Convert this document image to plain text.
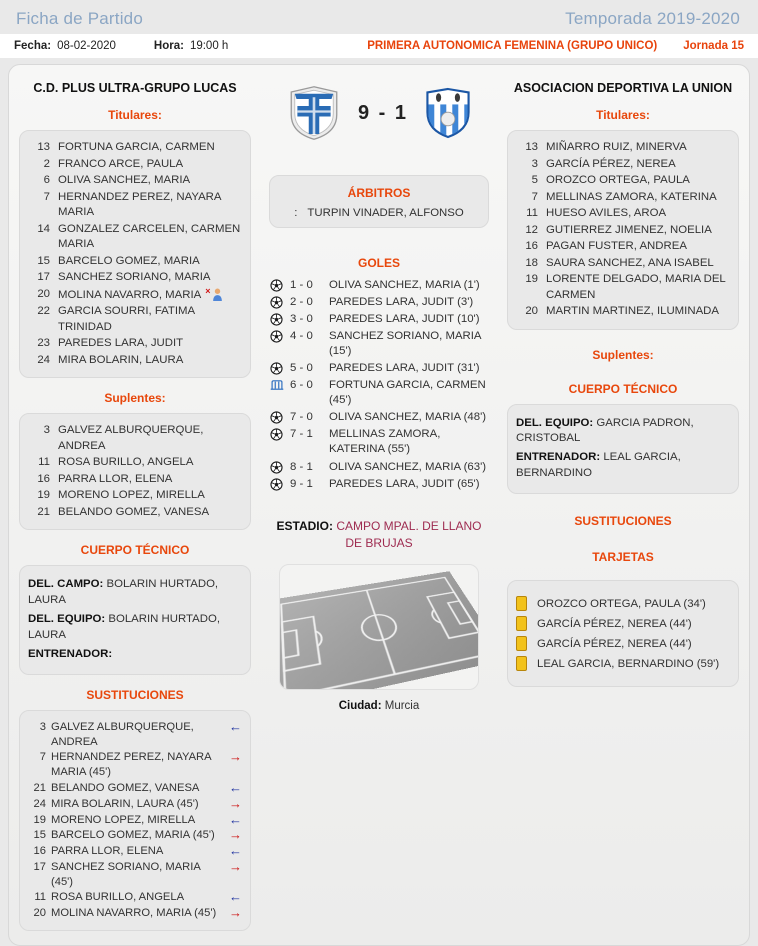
Ficha de Partido	Temporada 2019-2020
Fecha: 08-02-2020	Hora: 19:00 h	PRIMERA AUTONOMICA FEMENINA (GRUPO UNICO) Jornada 15
C.D. PLUS ULTRA-GRUPO LUCAS
Titulares:
13 FORTUNA GARCIA, CARMEN
2 FRANCO ARCE, PAULA
6 OLIVA SANCHEZ, MARIA
7 HERNANDEZ PEREZ, NAYARA MARIA
14 GONZALEZ CARCELEN, CARMEN MARIA
15 BARCELO GOMEZ, MARIA
17 SANCHEZ SORIANO, MARIA
20 MOLINA NAVARRO, MARIA ×
22 GARCIA SOURRI, FATIMA TRINIDAD
23 PAREDES LARA, JUDIT
24 MIRA BOLARIN, LAURA
Suplentes:
3 GALVEZ ALBURQUERQUE, ANDREA
11 ROSA BURILLO, ANGELA
16 PARRA LLOR, ELENA
19 MORENO LOPEZ, MIRELLA
21 BELANDO GOMEZ, VANESA
CUERPO TÉCNICO

DEL. CAMPO: BOLARIN HURTADO, LAURA

DEL. EQUIPO: BOLARIN HURTADO, LAURA

ENTRENADOR:

SUSTITUCIONES
3 GALVEZ ALBURQUERQUE, ANDREA
←
7 HERNANDEZ PEREZ, NAYARA MARIA (45')
→
21 BELANDO GOMEZ, VANESA
←
24 MIRA BOLARIN, LAURA (45')
→
19 MORENO LOPEZ, MIRELLA
←
15 BARCELO GOMEZ, MARIA (45')
→
16 PARRA LLOR, ELENA
←
17 SANCHEZ SORIANO, MARIA (45')
→
11 ROSA BURILLO, ANGELA
←
20 MOLINA NAVARRO, MARIA (45')
→
9 - 1
ÁRBITROS
: TURPIN VINADER, ALFONSO
GOLES
1 - 0	OLIVA SANCHEZ, MARIA (1')
2 - 0	PAREDES LARA, JUDIT (3')
3 - 0	PAREDES LARA, JUDIT (10')
4 - 0	SANCHEZ SORIANO, MARIA (15')
5 - 0	PAREDES LARA, JUDIT (31')
6 - 0	FORTUNA GARCIA, CARMEN (45')
7 - 0	OLIVA SANCHEZ, MARIA (48')
7 - 1	MELLINAS ZAMORA, KATERINA (55')
8 - 1	OLIVA SANCHEZ, MARIA (63')
9 - 1	PAREDES LARA, JUDIT (65')
ESTADIO: CAMPO MPAL. DE LLANO DE BRUJAS
Ciudad: Murcia
ASOCIACION DEPORTIVA LA UNION
Titulares:
13 MIÑARRO RUIZ, MINERVA
3 GARCÍA PÉREZ, NEREA
5 OROZCO ORTEGA, PAULA
7 MELLINAS ZAMORA, KATERINA
11 HUESO AVILES, AROA
12 GUTIERREZ JIMENEZ, NOELIA
16 PAGAN FUSTER, ANDREA
18 SAURA SANCHEZ, ANA ISABEL
19 LORENTE DELGADO, MARIA DEL CARMEN
20 MARTIN MARTINEZ, ILUMINADA
Suplentes:
CUERPO TÉCNICO

DEL. EQUIPO: GARCIA PADRON, CRISTOBAL

ENTRENADOR: LEAL GARCIA, BERNARDINO

SUSTITUCIONES
TARJETAS
OROZCO ORTEGA, PAULA (34')
GARCÍA PÉREZ, NEREA (44')
GARCÍA PÉREZ, NEREA (44')
LEAL GARCIA, BERNARDINO (59')
